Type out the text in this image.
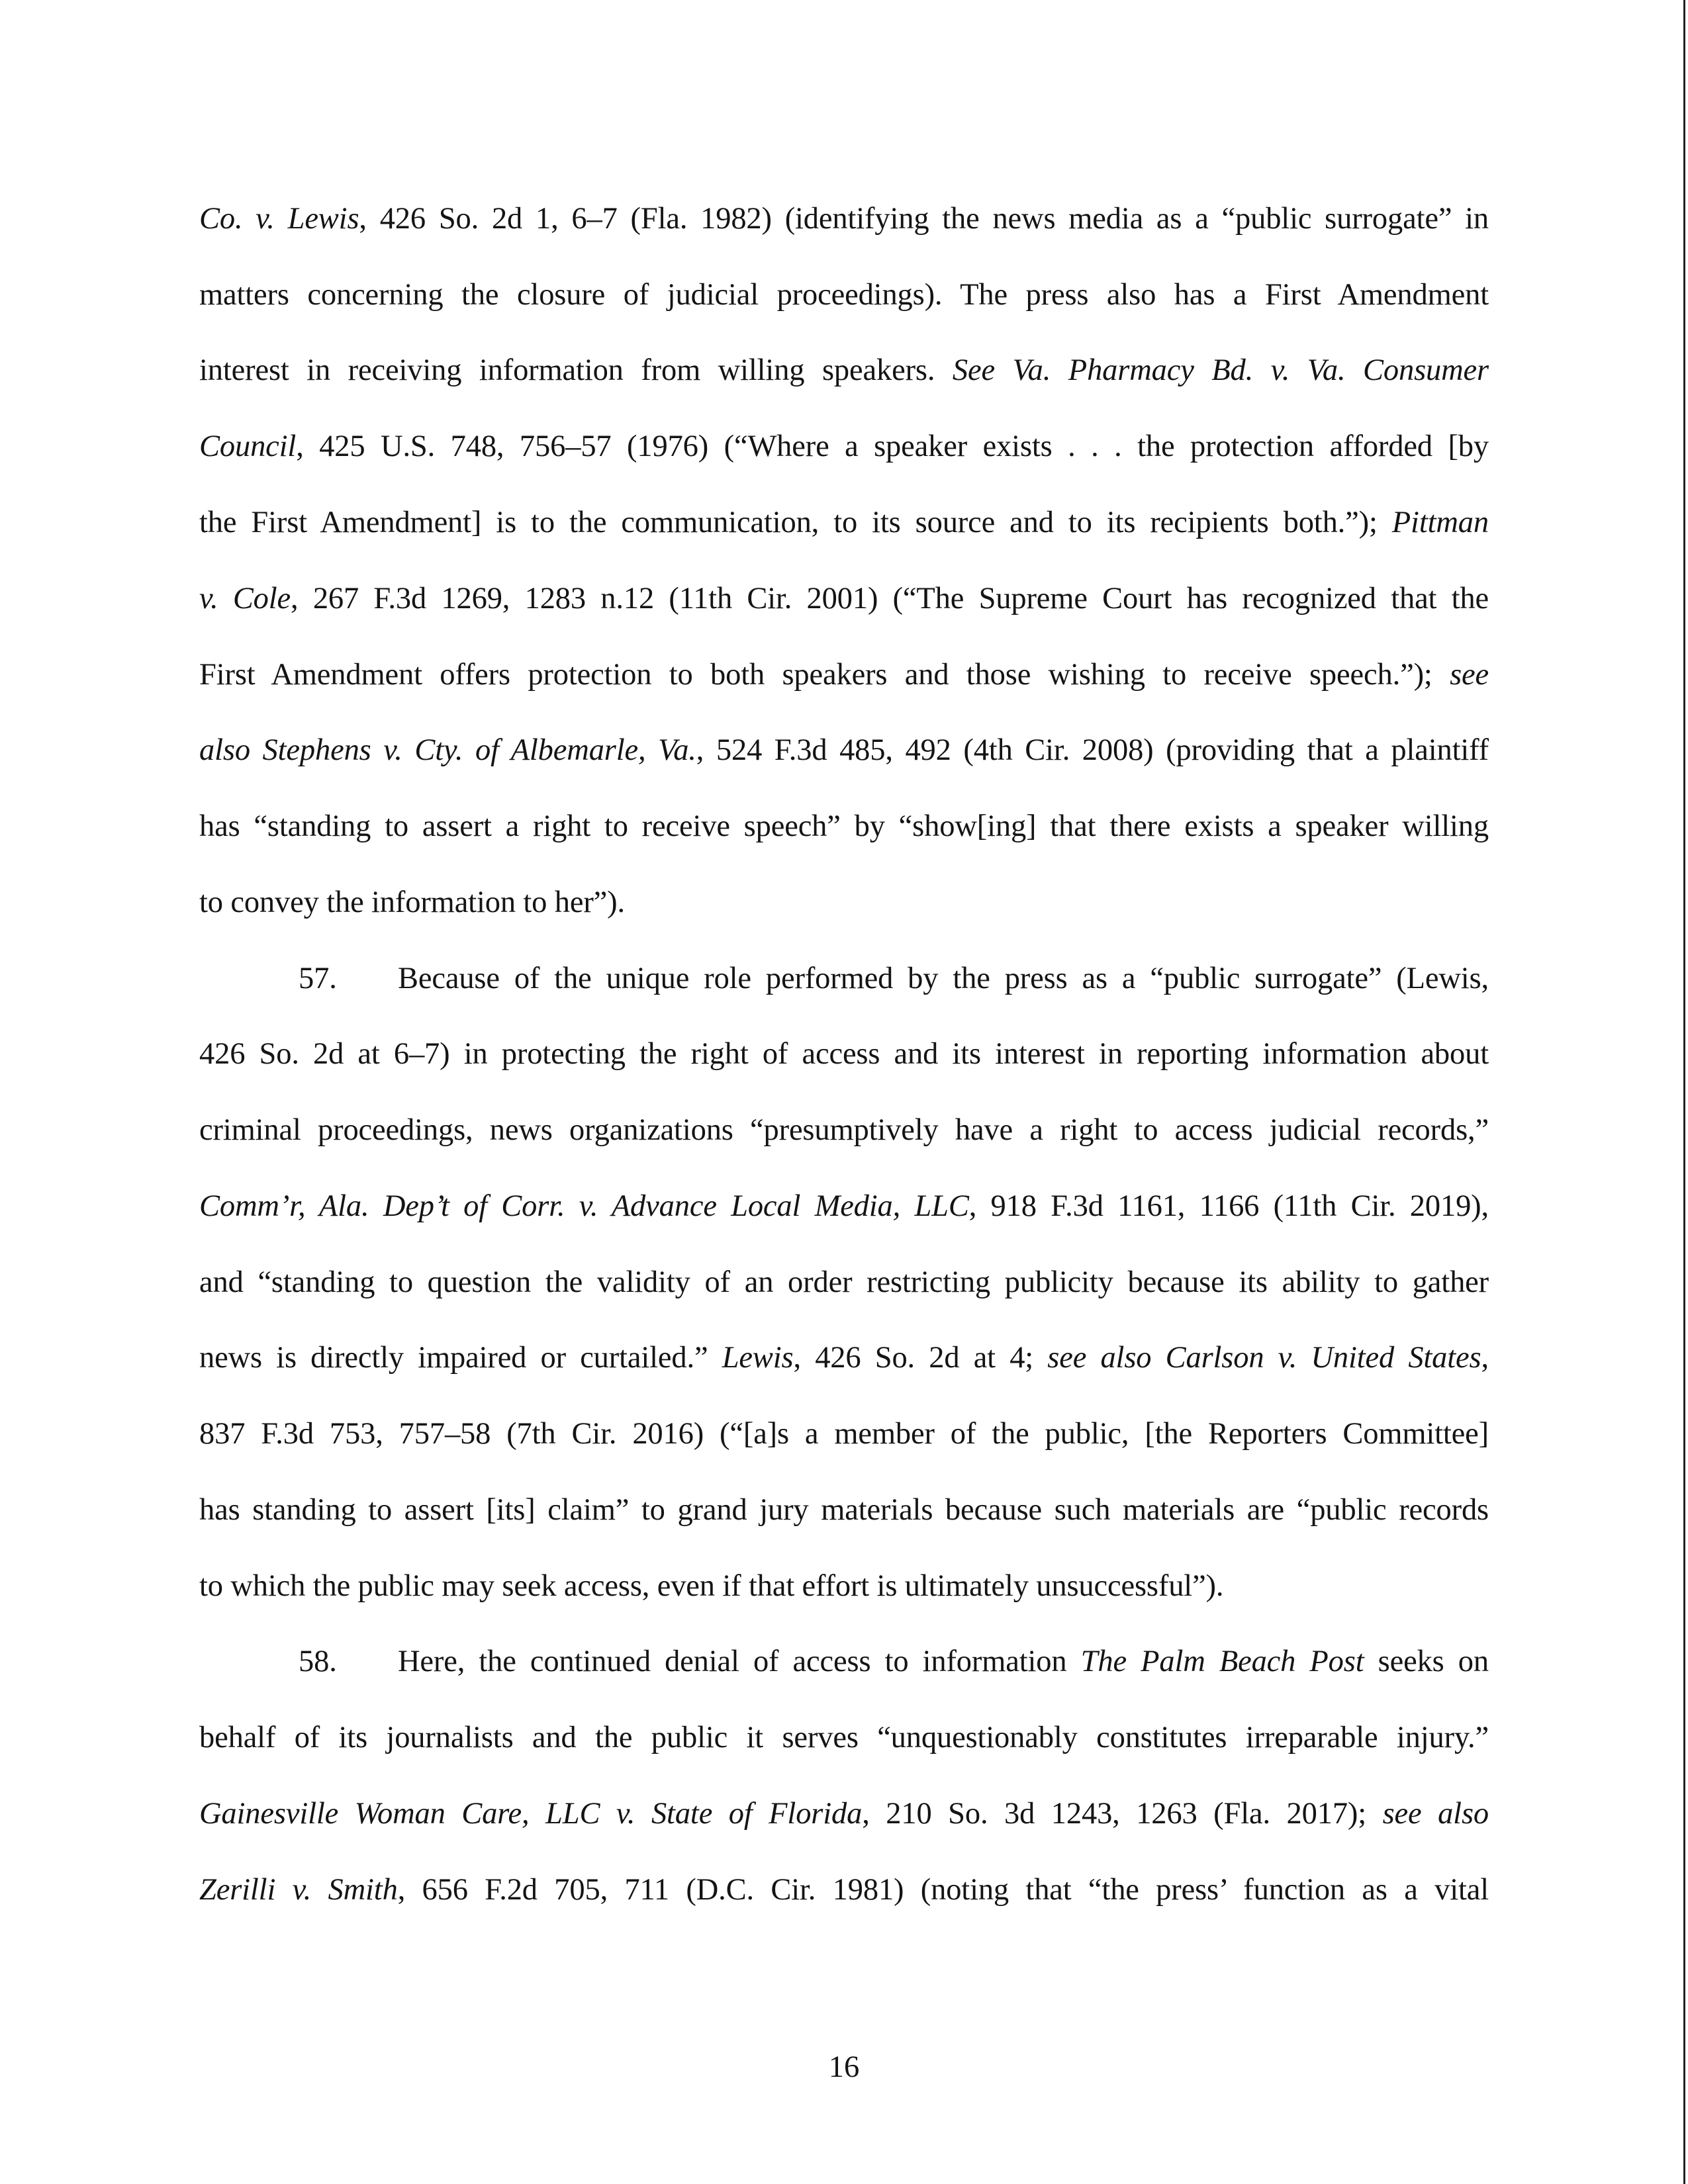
Co. v. Lewis, 426 So. 2d 1, 6–7 (Fla. 1982) (identifying the news media as a “public surrogate” in
matters concerning the closure of judicial proceedings). The press also has a First Amendment
interest in receiving information from willing speakers. See Va. Pharmacy Bd. v. Va. Consumer
Council, 425 U.S. 748, 756–57 (1976) (“Where a speaker exists . . . the protection afforded [by
the First Amendment] is to the communication, to its source and to its recipients both.”); Pittman
v. Cole, 267 F.3d 1269, 1283 n.12 (11th Cir. 2001) (“The Supreme Court has recognized that the
First Amendment offers protection to both speakers and those wishing to receive speech.”); see
also Stephens v. Cty. of Albemarle, Va., 524 F.3d 485, 492 (4th Cir. 2008) (providing that a plaintiff
has “standing to assert a right to receive speech” by “show[ing] that there exists a speaker willing
to convey the information to her”).
57. Because of the unique role performed by the press as a “public surrogate” (Lewis,
426 So. 2d at 6–7) in protecting the right of access and its interest in reporting information about
criminal proceedings, news organizations “presumptively have a right to access judicial records,”
Comm’r, Ala. Dep’t of Corr. v. Advance Local Media, LLC, 918 F.3d 1161, 1166 (11th Cir. 2019),
and “standing to question the validity of an order restricting publicity because its ability to gather
news is directly impaired or curtailed.” Lewis, 426 So. 2d at 4; see also Carlson v. United States,
837 F.3d 753, 757–58 (7th Cir. 2016) (“[a]s a member of the public, [the Reporters Committee]
has standing to assert [its] claim” to grand jury materials because such materials are “public records
to which the public may seek access, even if that effort is ultimately unsuccessful”).
58. Here, the continued denial of access to information The Palm Beach Post seeks on
behalf of its journalists and the public it serves “unquestionably constitutes irreparable injury.”
Gainesville Woman Care, LLC v. State of Florida, 210 So. 3d 1243, 1263 (Fla. 2017); see also
Zerilli v. Smith, 656 F.2d 705, 711 (D.C. Cir. 1981) (noting that “the press’ function as a vital
16
